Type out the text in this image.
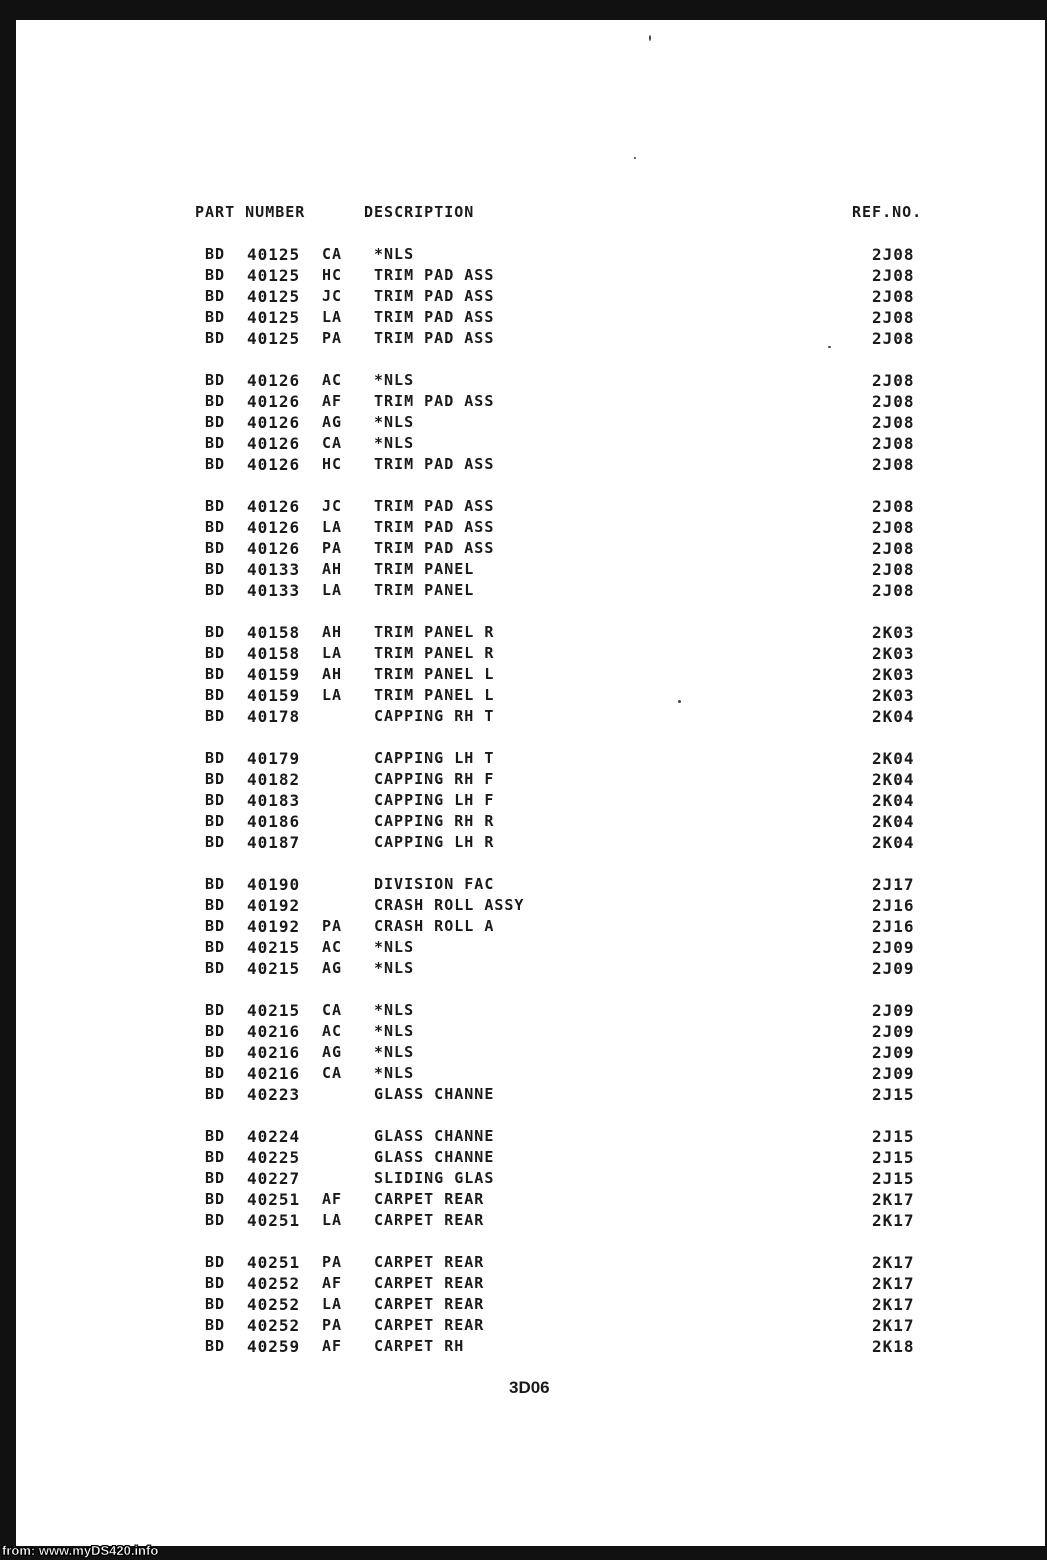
PART NUMBER	DESCRIPTION	REF.NO.
BD 40125 CA *NLS	2J08
BD 40125 HC TRIM PAD ASS	2J08
BD 40125 JC TRIM PAD ASS	2J08
BD 40125 LA TRIM PAD ASS	2J08
BD 40125 PA TRIM PAD ASS	2J08
BD 40126 AC *NLS	2J08
BD 40126 AF TRIM PAD ASS	2J08
BD 40126 AG *NLS	2J08
BD 40126 CA *NLS	2J08
BD 40126 HC TRIM PAD ASS	2J08
BD 40126 JC TRIM PAD ASS	2J08
BD 40126 LA TRIM PAD ASS	2J08
BD 40126 PA TRIM PAD ASS	2J08
BD 40133 AH TRIM PANEL	2J08
BD 40133 LA TRIM PANEL	2J08
BD 40158 AH TRIM PANEL R	2K03
BD 40158 LA TRIM PANEL R	2K03
BD 40159 AH TRIM PANEL L	2K03
BD 40159 LA TRIM PANEL L	2K03
BD 40178	CAPPING RH T	2K04
BD 40179	CAPPING LH T	2K04
BD 40182	CAPPING RH F	2K04
BD 40183	CAPPING LH F	2K04
BD 40186	CAPPING RH R	2K04
BD 40187	CAPPING LH R	2K04
BD 40190	DIVISION FAC	2J17
BD 40192	CRASH ROLL ASSY	2J16
BD 40192 PA CRASH ROLL A	2J16
BD 40215 AC *NLS	2J09
BD 40215 AG *NLS	2J09
BD 40215 CA *NLS	2J09
BD 40216 AC *NLS	2J09
BD 40216 AG *NLS	2J09
BD 40216 CA *NLS	2J09
BD 40223	GLASS CHANNE	2J15
BD 40224	GLASS CHANNE	2J15
BD 40225	GLASS CHANNE	2J15
BD 40227	SLIDING GLAS	2J15
BD 40251 AF CARPET REAR	2K17
BD 40251 LA CARPET REAR	2K17
BD 40251 PA CARPET REAR	2K17
BD 40252 AF CARPET REAR	2K17
BD 40252 LA CARPET REAR	2K17
BD 40252 PA CARPET REAR	2K17
BD 40259 AF CARPET RH	2K18
3D06
from: www.myDS420.info
